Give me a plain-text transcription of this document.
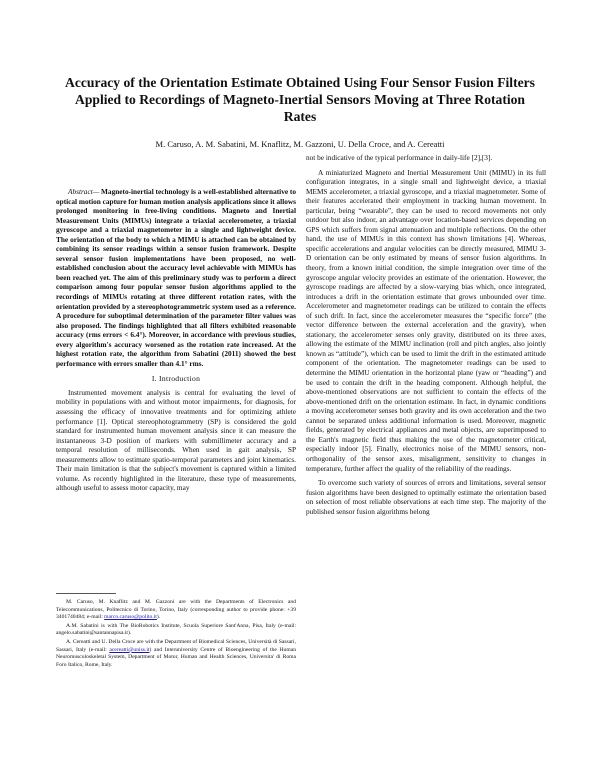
Accuracy of the Orientation Estimate Obtained Using Four Sensor Fusion Filters Applied to Recordings of Magneto-Inertial Sensors Moving at Three Rotation Rates
M. Caruso, A. M. Sabatini, M. Knaflitz, M. Gazzoni, U. Della Croce, and A. Cereatti

Abstract— Magneto-inertial technology is a well-established alternative to optical motion capture for human motion analysis applications since it allows prolonged monitoring in free-living conditions. Magneto and Inertial Measurement Units (MIMUs) integrate a triaxial accelerometer, a triaxial gyroscope and a triaxial magnetometer in a single and lightweight device. The orientation of the body to which a MIMU is attached can be obtained by combining its sensor readings within a sensor fusion framework. Despite several sensor fusion implementations have been proposed, no well-established conclusion about the accuracy level achievable with MIMUs has been reached yet. The aim of this preliminary study was to perform a direct comparison among four popular sensor fusion algorithms applied to the recordings of MIMUs rotating at three different rotation rates, with the orientation provided by a stereophotogrammetric system used as a reference. A procedure for suboptimal determination of the parameter filter values was also proposed. The findings highlighted that all filters exhibited reasonable accuracy (rms errors < 6.4°). Moreover, in accordance with previous studies, every algorithm's accuracy worsened as the rotation rate increased. At the highest rotation rate, the algorithm from Sabatini (2011) showed the best performance with errors smaller than 4.1° rms.

I. Introduction

Instrumented movement analysis is central for evaluating the level of mobility in populations with and without motor impairments, for diagnosis, for assessing the efficacy of innovative treatments and for optimizing athlete performance [1]. Optical stereophotogrammetry (SP) is considered the gold standard for instrumented human movement analysis since it can measure the instantaneous 3-D position of markers with submillimeter accuracy and a temporal resolution of milliseconds. When used in gait analysis, SP measurements allow to estimate spatio-temporal parameters and joint kinematics. Their main limitation is that the subject's movement is captured within a limited volume. As recently highlighted in the literature, these type of measurements, although useful to assess motor capacity, may

M. Caruso, M. Knaflitz and M. Gazzoni are with the Departments of Electronics and Telecommunications, Politecnico di Torino, Torino, Italy (corresponding author to provide phone: +39 3401740484; e-mail: marco.caruso@polito.it).

A.M. Sabatini is with The BioRobotics Institute, Scuola Superiore Sant'Anna, Pisa, Italy (e-mail: angelo.sabatini@santannapisa.it).

A. Cereatti and U. Della Croce are with the Department of Biomedical Sciences, Università di Sassari, Sassari, Italy (e-mail: acereatti@uniss.it) and Interuniversity Centre of Bioengineering of the Human Neuromusculoskeletal System, Department of Motor, Human and Health Sciences, Universita' di Roma Foro Italico, Rome, Italy.

not be indicative of the typical performance in daily-life [2],[3].

A miniaturized Magneto and Inertial Measurement Unit (MIMU) in its full configuration integrates, in a single small and lightweight device, a triaxial MEMS accelerometer, a triaxial gyroscope, and a triaxial magnetometer. Some of their features accelerated their employment in tracking human movement. In particular, being “wearable”, they can be used to record movements not only outdoor but also indoor, an advantage over location-based services depending on GPS which suffers from signal attenuation and multiple reflections. On the other hand, the use of MIMUs in this context has shown limitations [4]. Whereas, specific accelerations and angular velocities can be directly measured, MIMU 3-D orientation can be only estimated by means of sensor fusion algorithms. In theory, from a known initial condition, the simple integration over time of the gyroscope angular velocity provides an estimate of the orientation. However, the gyroscope readings are affected by a slow-varying bias which, once integrated, introduces a drift in the orientation estimate that grows unbounded over time. Accelerometer and magnetometer readings can be utilized to contain the effects of such drift. In fact, since the accelerometer measures the “specific force” (the vector difference between the external acceleration and the gravity), when stationary, the accelerometer senses only gravity, distributed on its three axes, allowing the estimate of the MIMU inclination (roll and pitch angles, also jointly known as “attitude”), which can be used to limit the drift in the estimated attitude component of the orientation. The magnetometer readings can be used to determine the MIMU orientation in the horizontal plane (yaw or “heading”) and be used to contain the drift in the heading component. Although helpful, the above-mentioned observations are not sufficient to contain the effects of the above-mentioned drift on the orientation estimate. In fact, in dynamic conditions a moving accelerometer senses both gravity and its own acceleration and the two cannot be separated unless additional information is used. Moreover, magnetic fields, generated by electrical appliances and metal objects, are superimposed to the Earth's magnetic field thus making the use of the magnetometer critical, especially indoor [5]. Finally, electronics noise of the MIMU sensors, non-orthogonality of the sensor axes, misalignment, sensitivity to changes in temperature, further affect the quality of the reliability of the readings.

To overcome such variety of sources of errors and limitations, several sensor fusion algorithms have been designed to optimally estimate the orientation based on selection of most reliable observations at each time step. The majority of the published sensor fusion algorithms belong
